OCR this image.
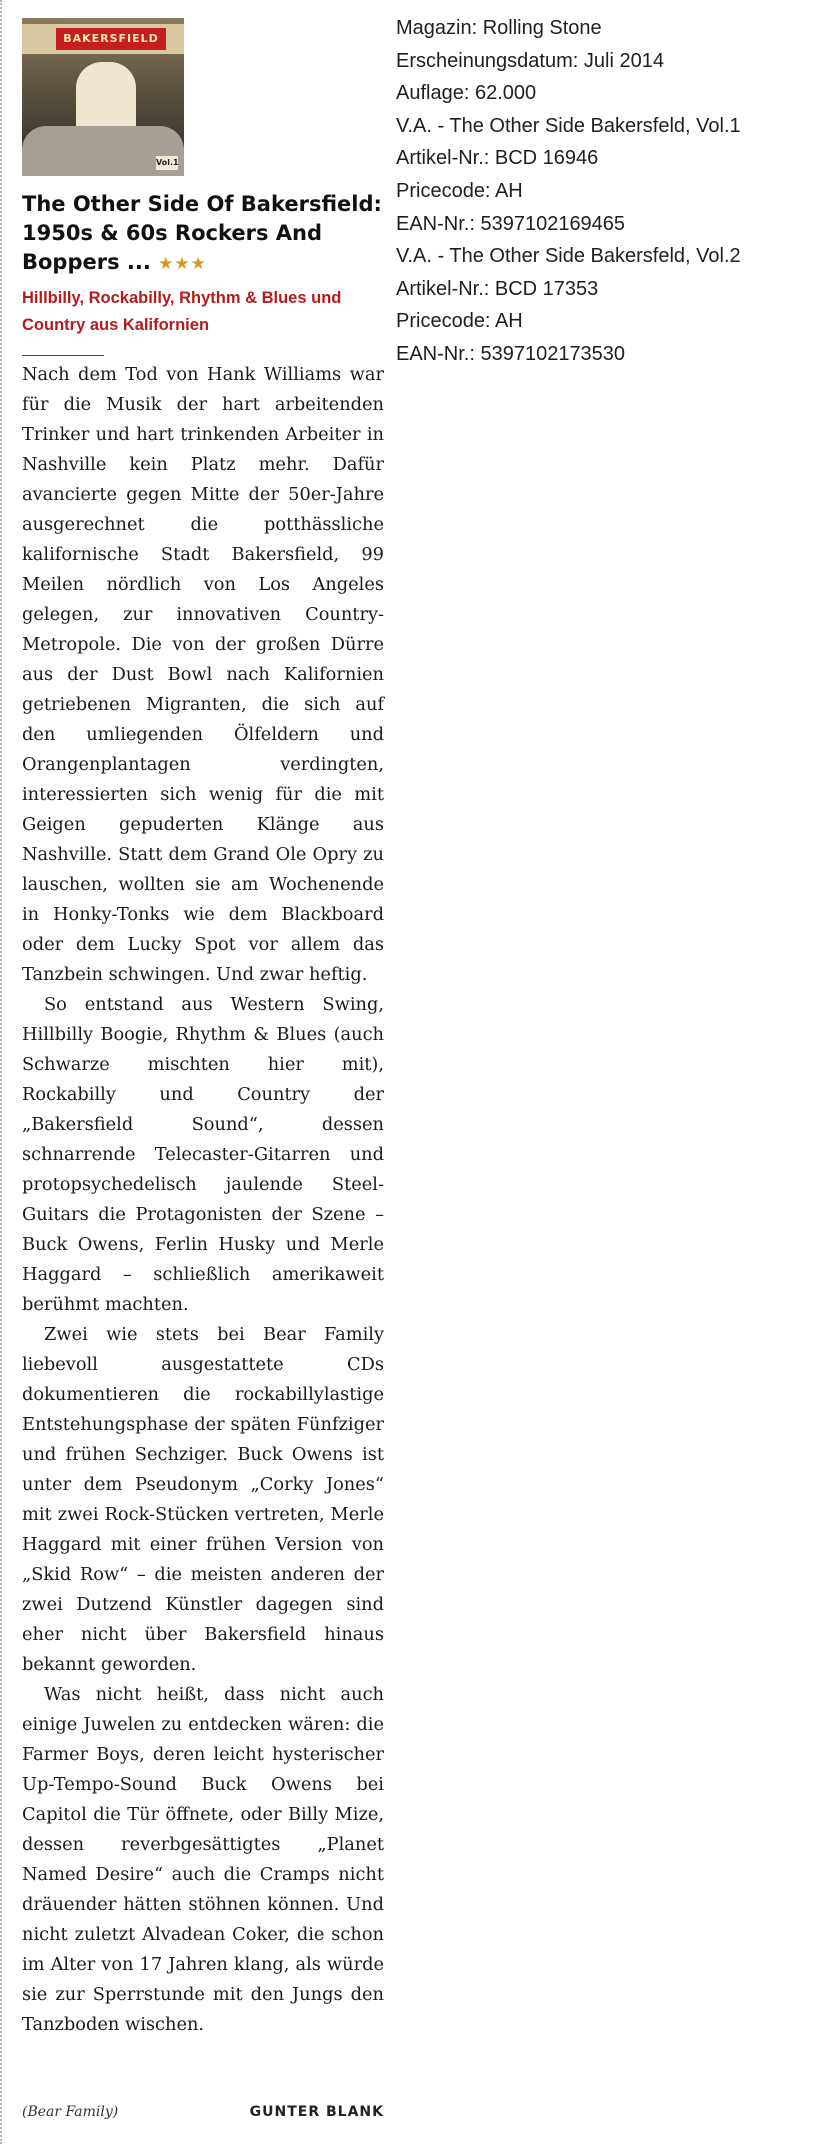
BAKERSFIELD
Vol.1
The Other Side Of Bakersfield: 1950s & 60s Rockers And Boppers ... ★★★
Hillbilly, Rockabilly, Rhythm & Blues und Country aus Kalifornien

Nach dem Tod von Hank Williams war für die Musik der hart arbeitenden Trinker und hart trinkenden Arbeiter in Nashville kein Platz mehr. Dafür avancierte gegen Mitte der 50er-Jahre ausgerechnet die potthässliche kalifornische Stadt Bakersfield, 99 Meilen nördlich von Los Angeles gelegen, zur innovativen Country-Metropole. Die von der großen Dürre aus der Dust Bowl nach Kalifornien getriebenen Migranten, die sich auf den umliegenden Ölfeldern und Orangenplantagen verdingten, interessierten sich wenig für die mit Geigen gepuderten Klänge aus Nashville. Statt dem Grand Ole Opry zu lauschen, wollten sie am Wochenende in Honky-Tonks wie dem Blackboard oder dem Lucky Spot vor allem das Tanzbein schwingen. Und zwar heftig.

So entstand aus Western Swing, Hillbilly Boogie, Rhythm & Blues (auch Schwarze mischten hier mit), Rockabilly und Country der „Bakersfield Sound“, dessen schnarrende Telecaster-Gitarren und protopsychedelisch jaulende Steel-Guitars die Protagonisten der Szene – Buck Owens, Ferlin Husky und Merle Haggard – schließlich amerikaweit berühmt machten.

Zwei wie stets bei Bear Family liebevoll ausgestattete CDs dokumentieren die rockabillylastige Entstehungsphase der späten Fünfziger und frühen Sechziger. Buck Owens ist unter dem Pseudonym „Corky Jones“ mit zwei Rock-Stücken vertreten, Merle Haggard mit einer frühen Version von „Skid Row“ – die meisten anderen der zwei Dutzend Künstler dagegen sind eher nicht über Bakersfield hinaus bekannt geworden.

Was nicht heißt, dass nicht auch einige Juwelen zu entdecken wären: die Farmer Boys, deren leicht hysterischer Up-Tempo-Sound Buck Owens bei Capitol die Tür öffnete, oder Billy Mize, dessen reverbgesättigtes „Planet Named Desire“ auch die Cramps nicht dräuender hätten stöhnen können. Und nicht zuletzt Alvadean Coker, die schon im Alter von 17 Jahren klang, als würde sie zur Sperrstunde mit den Jungs den Tanzboden wischen.

(Bear Family)	GUNTER BLANK
Magazin: Rolling Stone
Erscheinungsdatum: Juli 2014
Auflage: 62.000
V.A. - The Other Side Bakersfeld, Vol.1
Artikel-Nr.: BCD 16946
Pricecode: AH
EAN-Nr.: 5397102169465
V.A. - The Other Side Bakersfeld, Vol.2
Artikel-Nr.: BCD 17353
Pricecode: AH
EAN-Nr.: 5397102173530
